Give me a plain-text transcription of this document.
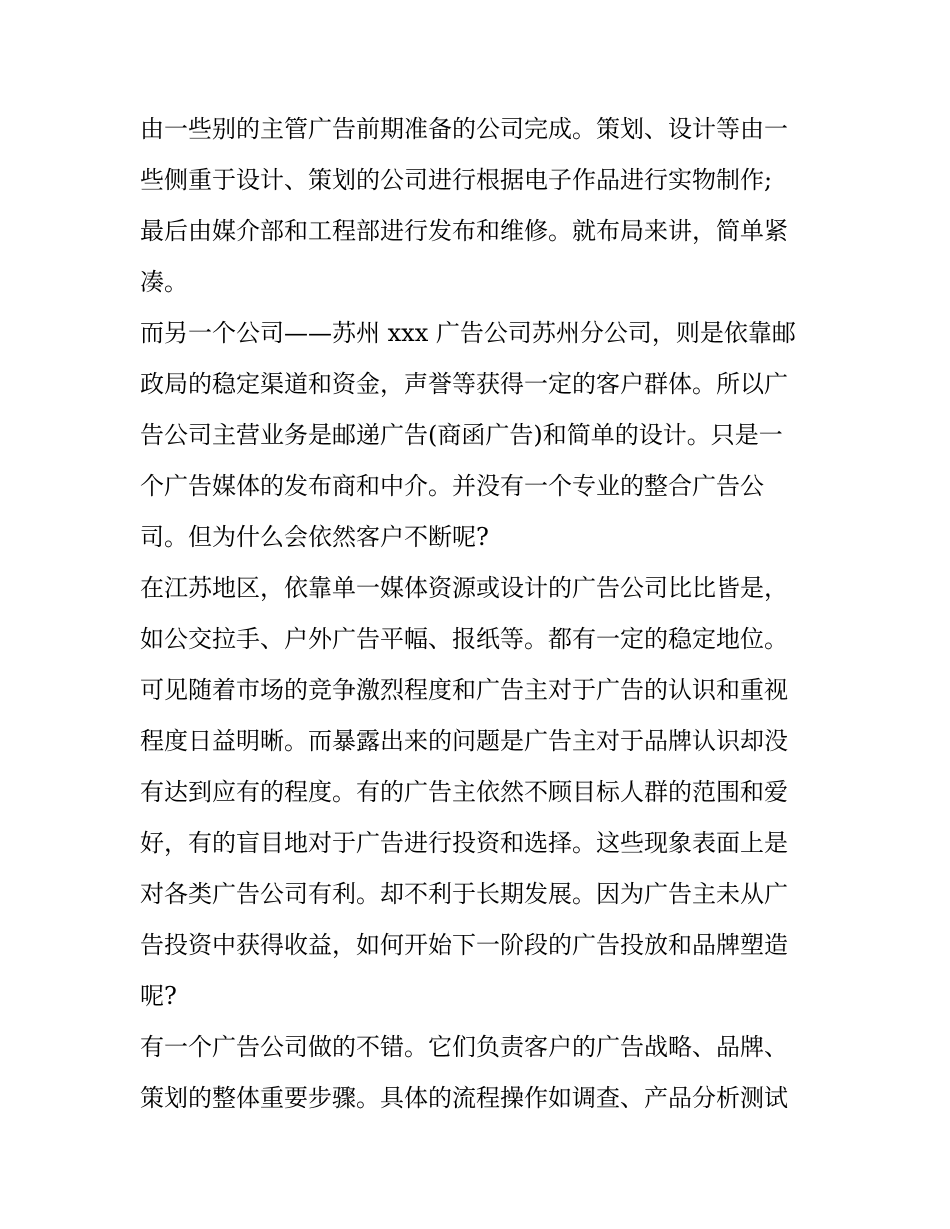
由一些别的主管广告前期准备的公司完成。策划、设计等由一
些侧重于设计、策划的公司进行根据电子作品进行实物制作;
最后由媒介部和工程部进行发布和维修。就布局来讲，简单紧
凑。
而另一个公司——苏州 xxx 广告公司苏州分公司，则是依靠邮
政局的稳定渠道和资金，声誉等获得一定的客户群体。所以广
告公司主营业务是邮递广告(商函广告)和简单的设计。只是一
个广告媒体的发布商和中介。并没有一个专业的整合广告公
司。但为什么会依然客户不断呢?
在江苏地区，依靠单一媒体资源或设计的广告公司比比皆是，
如公交拉手、户外广告平幅、报纸等。都有一定的稳定地位。
可见随着市场的竞争激烈程度和广告主对于广告的认识和重视
程度日益明晰。而暴露出来的问题是广告主对于品牌认识却没
有达到应有的程度。有的广告主依然不顾目标人群的范围和爱
好，有的盲目地对于广告进行投资和选择。这些现象表面上是
对各类广告公司有利。却不利于长期发展。因为广告主未从广
告投资中获得收益，如何开始下一阶段的广告投放和品牌塑造
呢?
有一个广告公司做的不错。它们负责客户的广告战略、品牌、
策划的整体重要步骤。具体的流程操作如调查、产品分析测试
